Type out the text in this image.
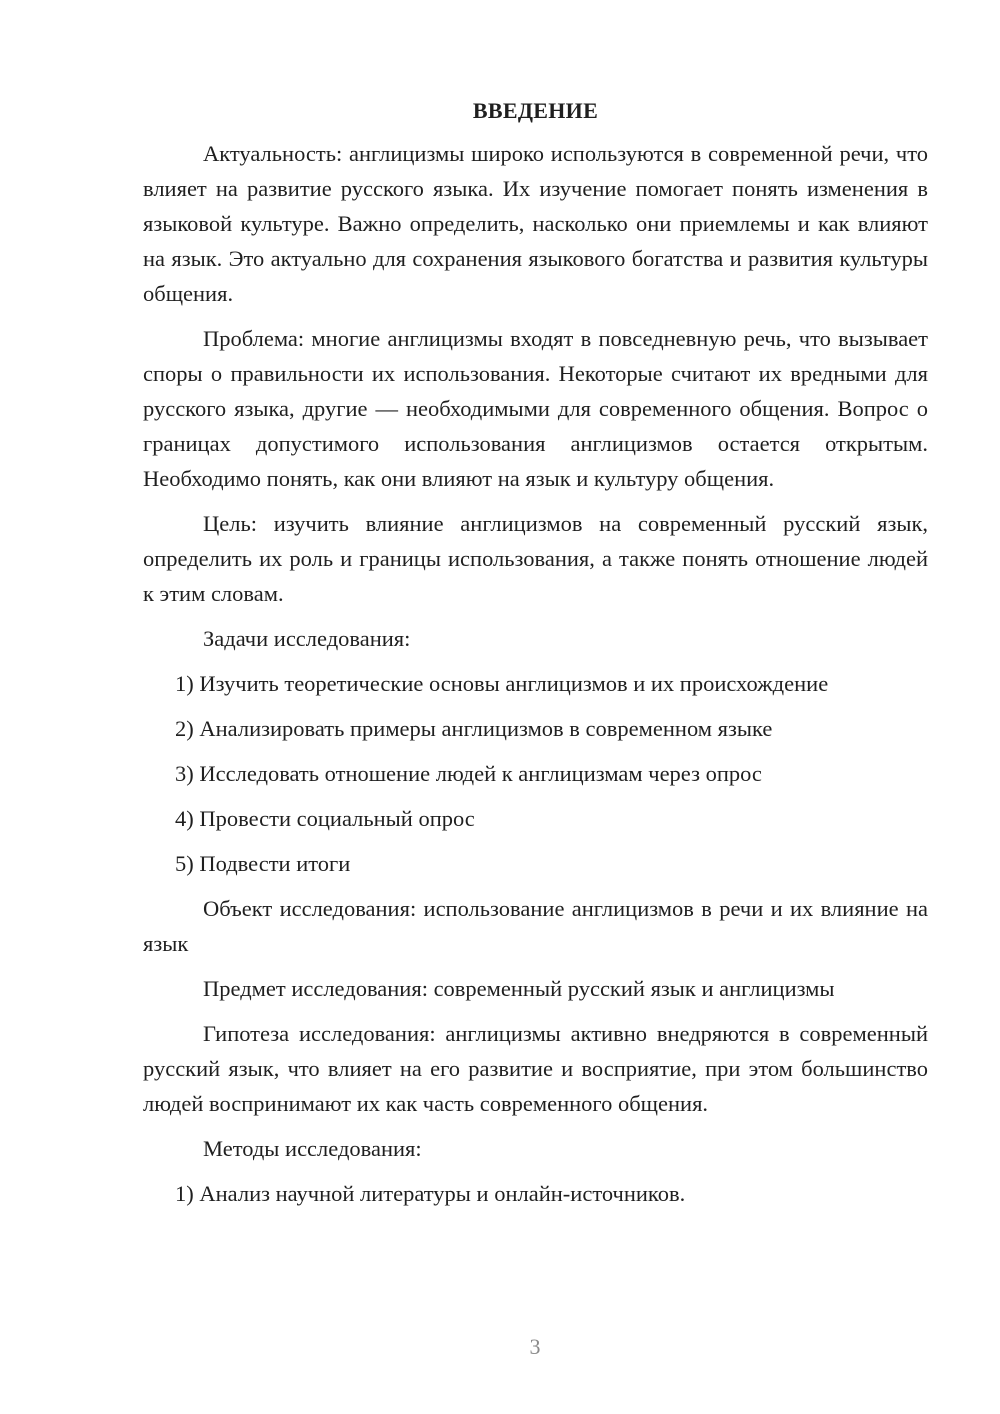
ВВЕДЕНИЕ

Актуальность: англицизмы широко используются в современной речи, что влияет на развитие русского языка. Их изучение помогает понять изменения в языковой культуре. Важно определить, насколько они приемлемы и как влияют на язык. Это актуально для сохранения языкового богатства и развития культуры общения.

Проблема: многие англицизмы входят в повседневную речь, что вызывает споры о правильности их использования. Некоторые считают их вредными для русского языка, другие — необходимыми для современного общения. Вопрос о границах допустимого использования англицизмов остается открытым. Необходимо понять, как они влияют на язык и культуру общения.

Цель: изучить влияние англицизмов на современный русский язык, определить их роль и границы использования, а также понять отношение людей к этим словам.

Задачи исследования:

1) Изучить теоретические основы англицизмов и их происхождение
2) Анализировать примеры англицизмов в современном языке
3) Исследовать отношение людей к англицизмам через опрос
4) Провести социальный опрос
5) Подвести итоги

Объект исследования: использование англицизмов в речи и их влияние на язык

Предмет исследования: современный русский язык и англицизмы

Гипотеза исследования: англицизмы активно внедряются в современный русский язык, что влияет на его развитие и восприятие, при этом большинство людей воспринимают их как часть современного общения.

Методы исследования:

1) Анализ научной литературы и онлайн-источников.
3
